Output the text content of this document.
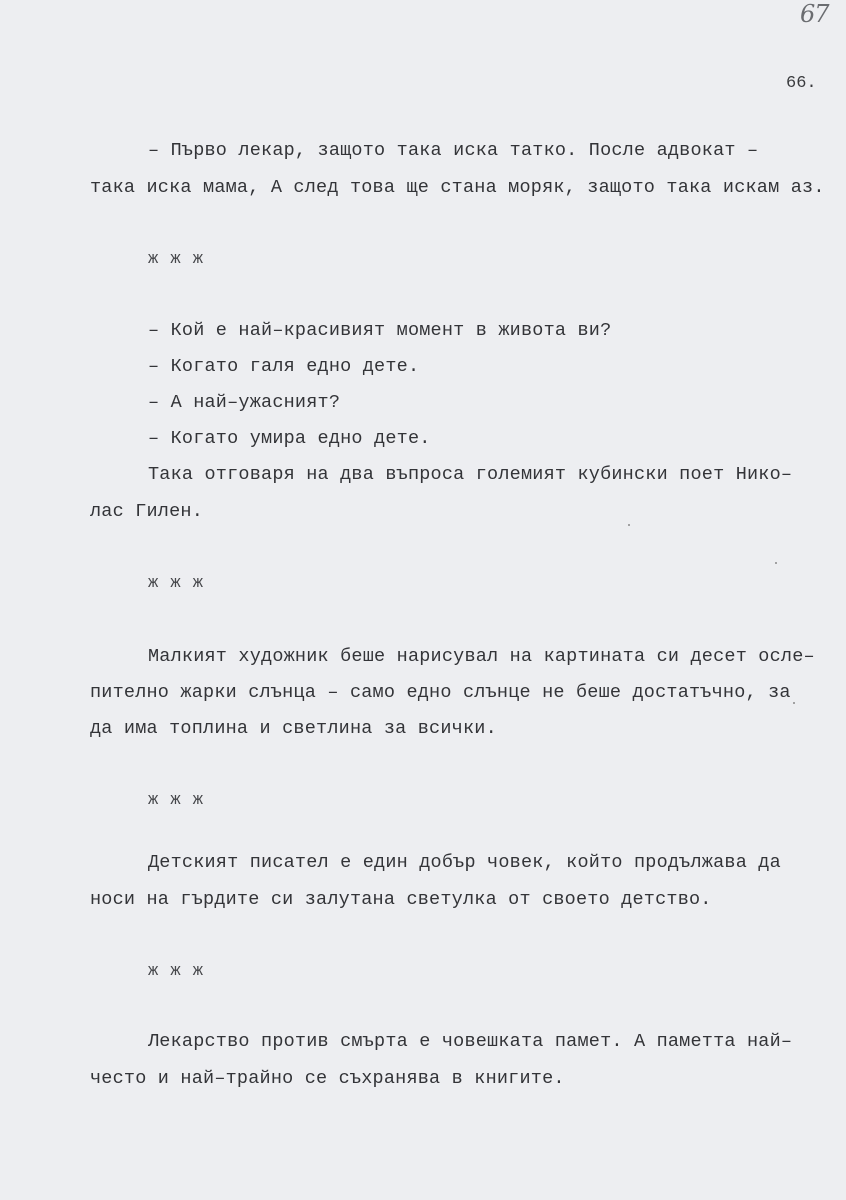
67
66.
– Първо лекар, защото така иска татко. После адвокат –
така иска мама, А след това ще стана моряк, защото така искам аз.
ж ж ж
– Кой е най–красивият момент в живота ви?
– Когато галя едно дете.
– А най–ужасният?
– Когато умира едно дете.
Така отговаря на два въпроса големият кубински поет Нико–
лас Гилен.
ж ж ж
Малкият художник беше нарисувал на картината си десет осле–
пително жарки слънца – само едно слънце не беше достатъчно, за
да има топлина и светлина за всички.
ж ж ж
Детският писател е един добър човек, който продължава да
носи на гърдите си залутана светулка от своето детство.
ж ж ж
Лекарство против смърта е човешката памет. А паметта най–
често и най–трайно се съхранява в книгите.
